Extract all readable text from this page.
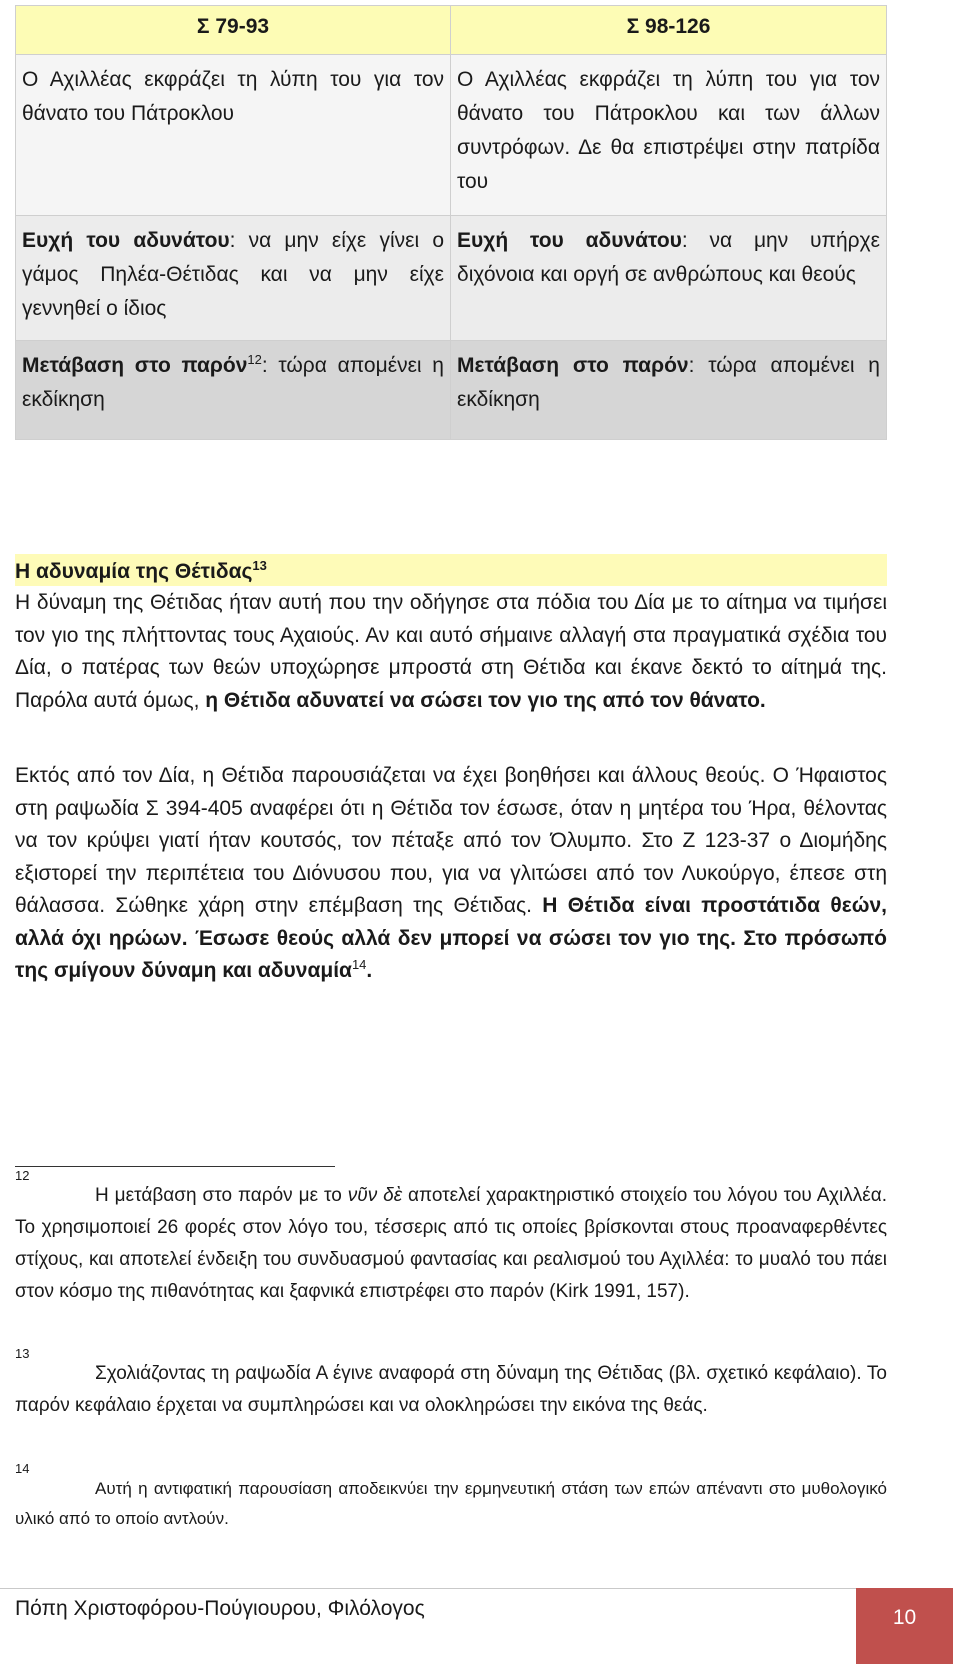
Σ 79-93	Σ 98-126
Ο Αχιλλέας εκφράζει τη λύπη του για τον θάνατο του Πάτροκλου	Ο Αχιλλέας εκφράζει τη λύπη του για τον θάνατο του Πάτροκλου και των άλλων συντρόφων. Δε θα επιστρέψει στην πατρίδα του
Ευχή του αδυνάτου: να μην είχε γίνει ο γάμος Πηλέα-Θέτιδας και να μην είχε γεννηθεί ο ίδιος	Ευχή του αδυνάτου: να μην υπήρχε διχόνοια και οργή σε ανθρώπους και θεούς
Μετάβαση στο παρόν$^{12}$: τώρα απομένει η εκδίκηση	Μετάβαση στο παρόν: τώρα απομένει η εκδίκηση
Η αδυναμία της Θέτιδας$^{13}$
Η δύναμη της Θέτιδας ήταν αυτή που την οδήγησε στα πόδια του Δία με το αίτημα να τιμήσει τον γιο της πλήττοντας τους Αχαιούς. Αν και αυτό σήμαινε αλλαγή στα πραγματικά σχέδια του Δία, ο πατέρας των θεών υποχώρησε μπροστά στη Θέτιδα και έκανε δεκτό το αίτημά της. Παρόλα αυτά όμως, η Θέτιδα αδυνατεί να σώσει τον γιο της από τον θάνατο.
Εκτός από τον Δία, η Θέτιδα παρουσιάζεται να έχει βοηθήσει και άλλους θεούς. Ο Ήφαιστος στη ραψωδία Σ 394-405 αναφέρει ότι η Θέτιδα τον έσωσε, όταν η μητέρα του Ήρα, θέλοντας να τον κρύψει γιατί ήταν κουτσός, τον πέταξε από τον Όλυμπο. Στο Ζ 123-37 ο Διομήδης εξιστορεί την περιπέτεια του Διόνυσου που, για να γλιτώσει από τον Λυκούργο, έπεσε στη θάλασσα. Σώθηκε χάρη στην επέμβαση της Θέτιδας. Η Θέτιδα είναι προστάτιδα θεών, αλλά όχι ηρώων. Έσωσε θεούς αλλά δεν μπορεί να σώσει τον γιο της. Στο πρόσωπό της σμίγουν δύναμη και αδυναμία$^{14}$.
12

Η μετάβαση στο παρόν με το νῦν δὲ αποτελεί χαρακτηριστικό στοιχείο του λόγου του Αχιλλέα. Το χρησιμοποιεί 26 φορές στον λόγο του, τέσσερις από τις οποίες βρίσκονται στους προαναφερθέντες στίχους, και αποτελεί ένδειξη του συνδυασμού φαντασίας και ρεαλισμού του Αχιλλέα: το μυαλό του πάει στον κόσμο της πιθανότητας και ξαφνικά επιστρέφει στο παρόν (Kirk 1991, 157).

13

Σχολιάζοντας τη ραψωδία Α έγινε αναφορά στη δύναμη της Θέτιδας (βλ. σχετικό κεφάλαιο). Το παρόν κεφάλαιο έρχεται να συμπληρώσει και να ολοκληρώσει την εικόνα της θεάς.

14

Αυτή η αντιφατική παρουσίαση αποδεικνύει την ερμηνευτική στάση των επών απέναντι στο μυθολογικό υλικό από το οποίο αντλούν.

Πόπη Χριστοφόρου-Πούγιουρου, Φιλόλογος	10
